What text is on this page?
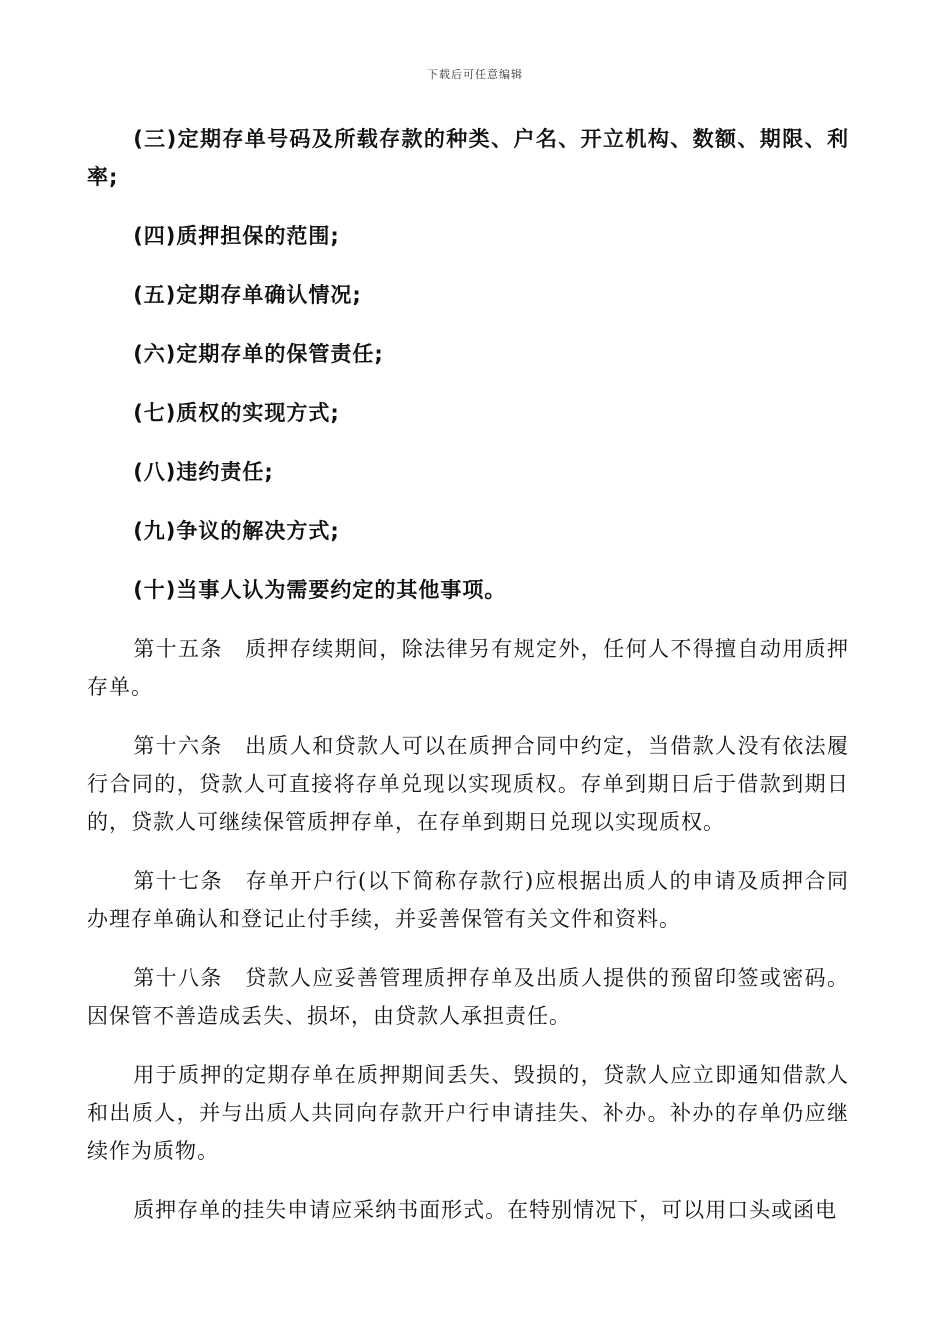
下载后可任意编辑

(三)定期存单号码及所载存款的种类、户名、开立机构、数额、期限、利率;

(四)质押担保的范围;

(五)定期存单确认情况;

(六)定期存单的保管责任;

(七)质权的实现方式;

(八)违约责任;

(九)争议的解决方式;

(十)当事人认为需要约定的其他事项。

第十五条　质押存续期间，除法律另有规定外，任何人不得擅自动用质押存单。

第十六条　出质人和贷款人可以在质押合同中约定，当借款人没有依法履行合同的，贷款人可直接将存单兑现以实现质权。存单到期日后于借款到期日的，贷款人可继续保管质押存单，在存单到期日兑现以实现质权。

第十七条　存单开户行(以下简称存款行)应根据出质人的申请及质押合同办理存单确认和登记止付手续，并妥善保管有关文件和资料。

第十八条　贷款人应妥善管理质押存单及出质人提供的预留印签或密码。因保管不善造成丢失、损坏，由贷款人承担责任。

用于质押的定期存单在质押期间丢失、毁损的，贷款人应立即通知借款人和出质人，并与出质人共同向存款开户行申请挂失、补办。补办的存单仍应继续作为质物。

质押存单的挂失申请应采纳书面形式。在特别情况下，可以用口头或函电
